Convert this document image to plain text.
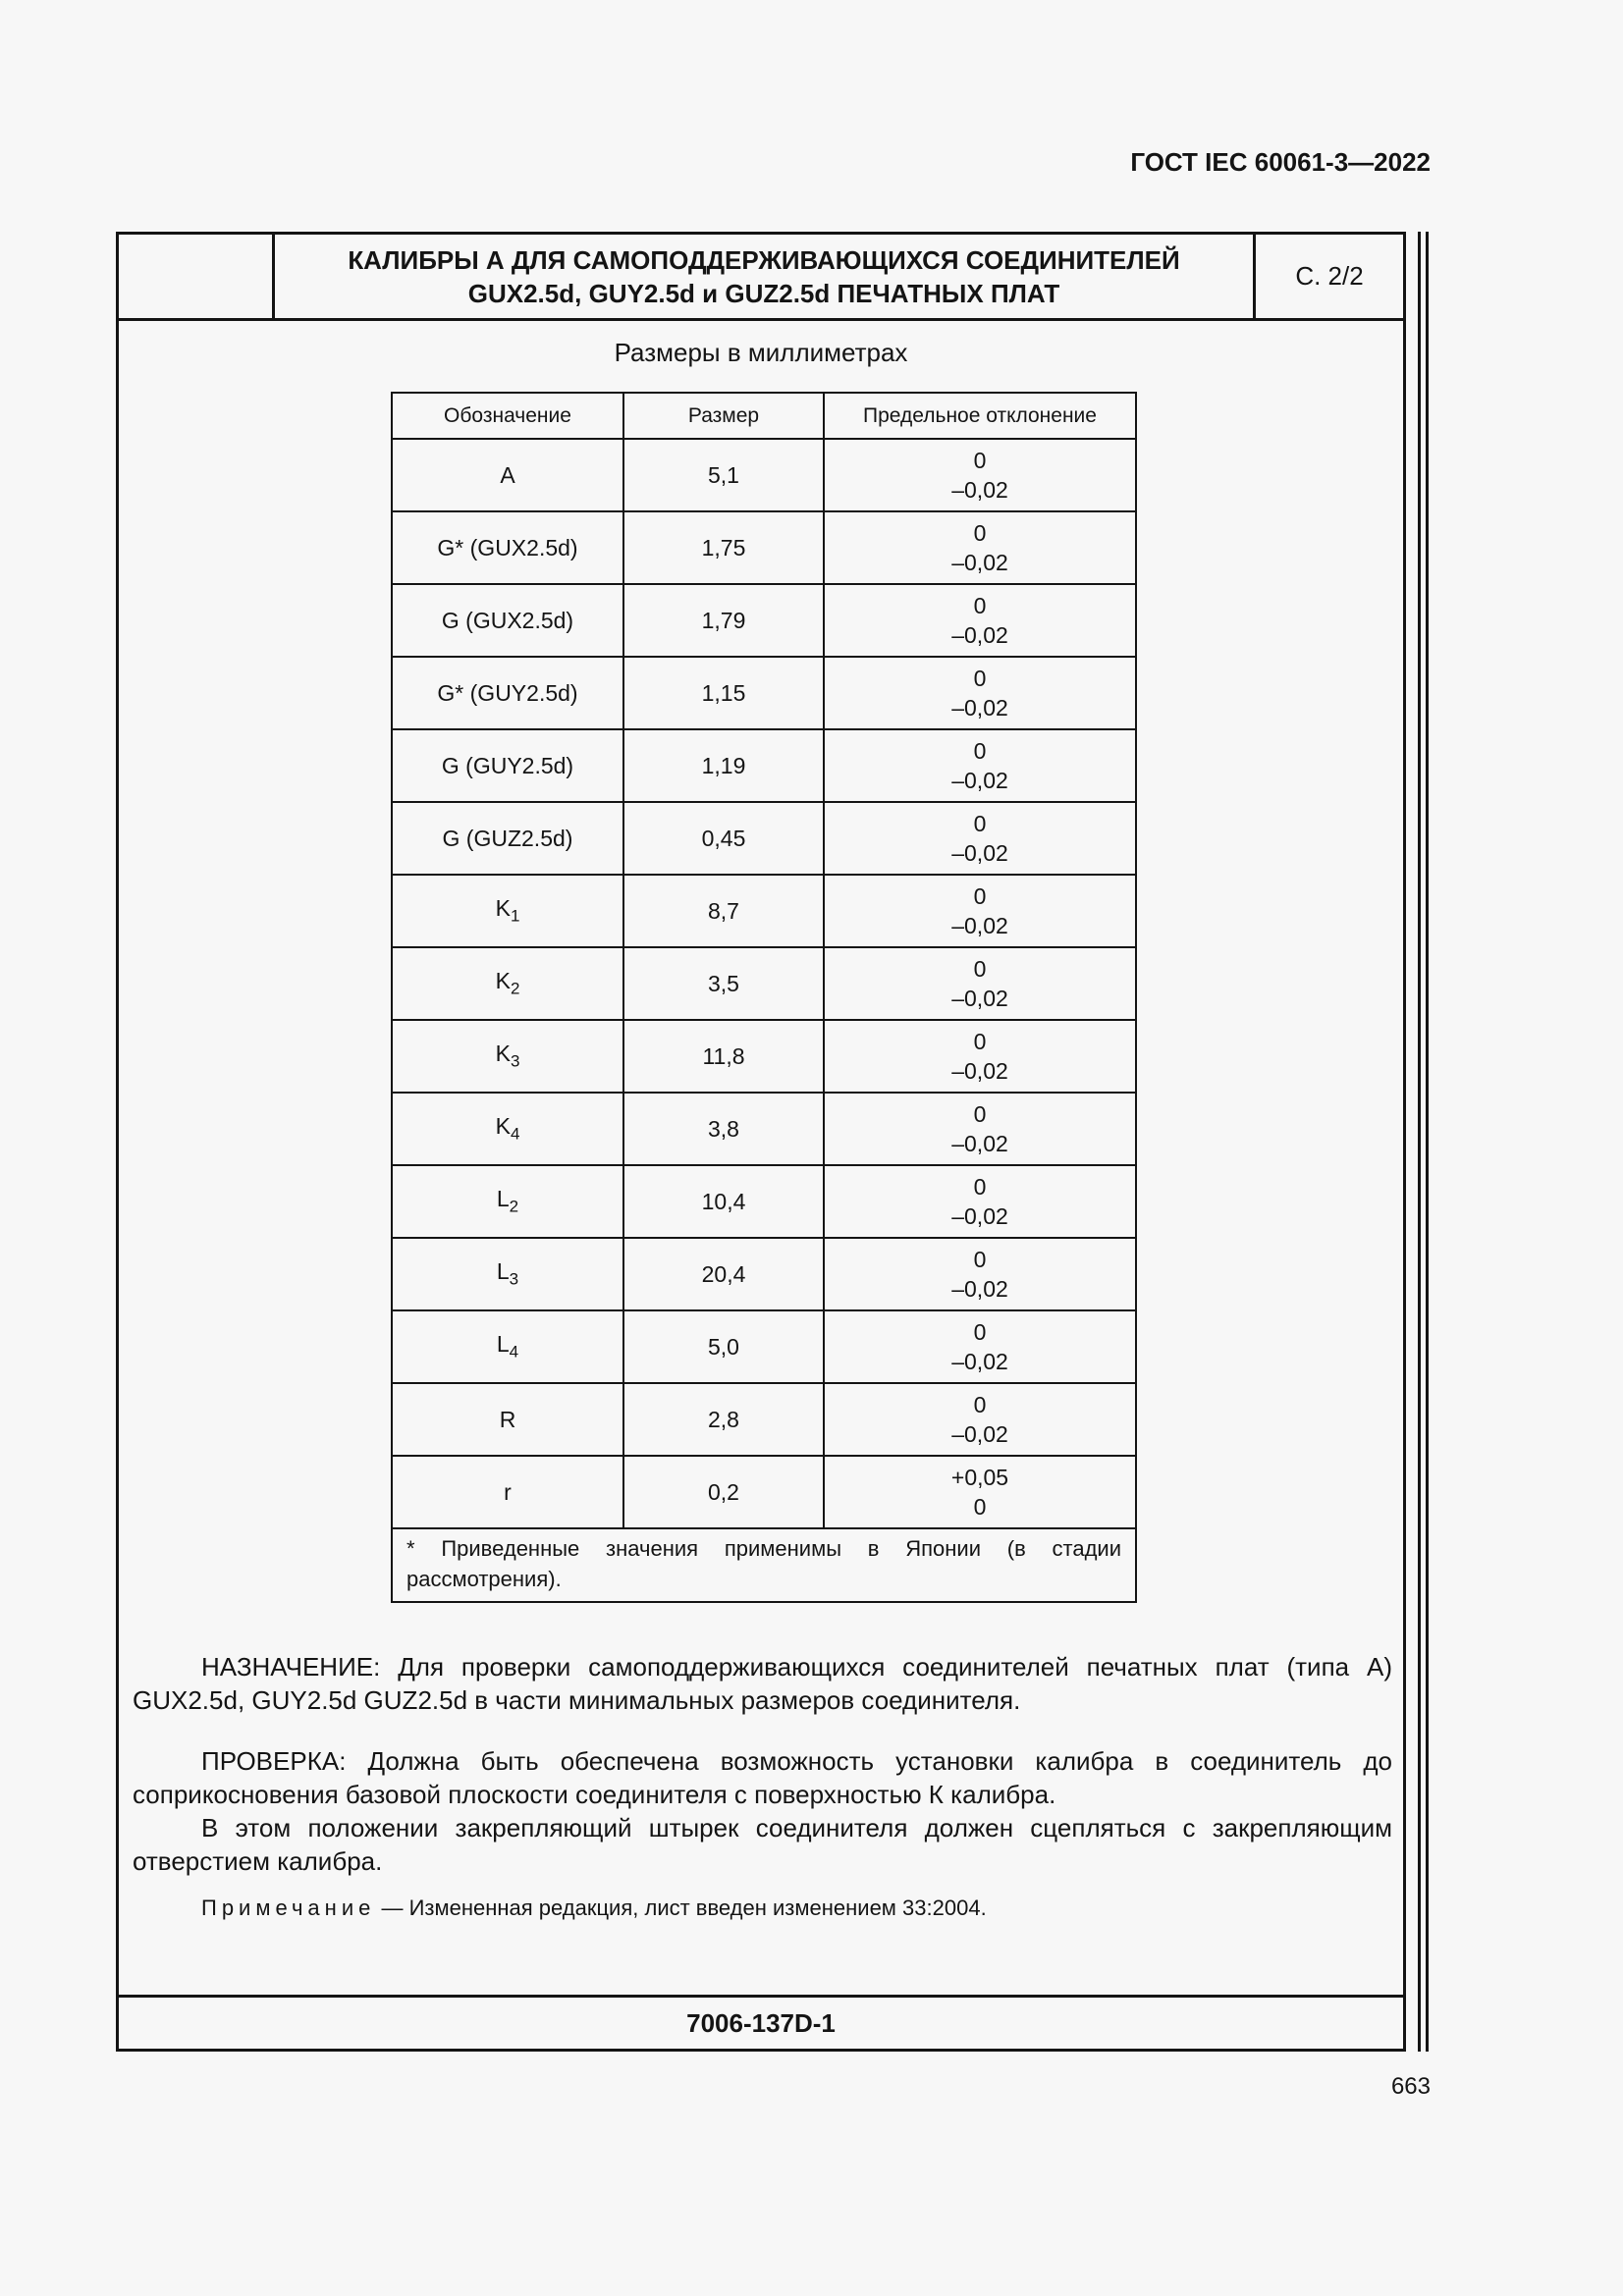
ГОСТ IEC 60061-3—2022
КАЛИБРЫ А ДЛЯ САМОПОДДЕРЖИВАЮЩИХСЯ СОЕДИНИТЕЛЕЙ
GUX2.5d, GUY2.5d и GUZ2.5d ПЕЧАТНЫХ ПЛАТ
С. 2/2
Размеры в миллиметрах
Обозначение	Размер	Предельное отклонение
A	5,1	0
–0,02

G* (GUX2.5d)	1,75	0
–0,02

G (GUX2.5d)	1,79	0
–0,02

G* (GUY2.5d)	1,15	0
–0,02

G (GUY2.5d)	1,19	0
–0,02

G (GUZ2.5d)	0,45	0
–0,02

$K_1$	8,7	0
–0,02

$K_2$	3,5	0
–0,02

$K_3$	11,8	0
–0,02

$K_4$	3,8	0
–0,02

$L_2$	10,4	0
–0,02

$L_3$	20,4	0
–0,02

$L_4$	5,0	0
–0,02

R	2,8	0
–0,02

r	0,2	+0,05
0

* Приведенные значения применимы в Японии (в стадии рассмотрения).		

НАЗНАЧЕНИЕ: Для проверки самоподдерживающихся соединителей печатных плат (типа А) GUX2.5d, GUY2.5d GUZ2.5d в части минимальных размеров соединителя.

ПРОВЕРКА: Должна быть обеспечена возможность установки калибра в соединитель до соприкосновения базовой плоскости соединителя с поверхностью К калибра.

В этом положении закрепляющий штырек соединителя должен сцепляться с закрепляющим отверстием калибра.

Примечание — Измененная редакция, лист введен изменением 33:2004.
7006-137D-1
663
